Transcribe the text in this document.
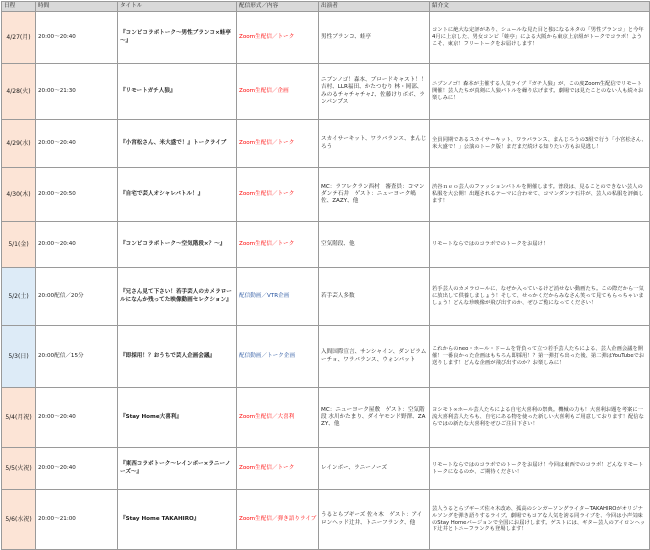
日程	時間	タイトル	配信形式／内容	出演者	紹介文
4/27(月)	20:00～20:40	『コンビコラボトーク～男性ブランコ×蛙亭～』	Zoom生配信／トーク	男性ブランコ、蛙亭	コントに絶大な定評があり、シュールな見た目と独になるネタの「男性ブランコ」と今年4月に上京した、男女コンビ「蛙亭」による大阪から東京上京組がトークでコラボ！ようこそ、東京！フリートークをお届けします！
4/28(火)	20:00～21:30	『リモートガチ人狼』	Zoom生配信／企画	ニブンノゴ！森本、ブロードキャスト！！吉村、LLR福田、かたつむり 林・岡部、みのるチャチャチャ♪、佐藤けりボボ、ランパンプス	ニブンノゴ！森本が主催する人気ライブ『ガチ人狼』が、この度Zoom生配信でリモート開催！芸人たちが真剣に人狼バトルを繰り広げます。劇場では見たことのない人も続々お楽しみに！
4/29(水)	20:00～20:40	『小宮松さん、米大盛で！』トークライブ	Zoom生配信／トーク	スカイサーキット、ワラバランス、まんじろう	全員同期であるスカイサーキット、ワラバランス、まんじろうの3組で行う「小宮松さん、米大盛で！」公演のトーク版！まだまだ続ける知りたい方もお見逃し！
4/30(木)	20:00～20:50	『自宅で芸人オシャレバトル！』	Zoom生配信／トーク	MC：ラフレクラン西村　審査員：コマンダンテ石井　ゲスト：ニューヨーク嶋佐、ZAZY、他	渋谷ｎｅｏ芸人のファッションバトルを開催します。普段は、見ることのできない芸人の私服を大公開！出題されるテーマに合わせて、コマンダンテ石井が、芸人の私服を評価します！
5/1(金)	20:00～20:40	『コンビコラボトーク～空気階段×？～』	Zoom生配信／トーク	空気階段、他	リモートならではのコラボでのトークをお届け！
5/2(土)	20:00配信／20分	『兄さん見て下さい！若手芸人のカメラロールになんか残ってた映像動画セレクション』	配信動画／VTR企画	若手芸人多数	若手芸人のカメラロールに、なぜか入っているけど消せない動画たち。この際だから一気に放出して供養しましょう！そして、せっかくだからみなさん笑って見てもらっちゃいましょう！どんな珍映像が飛び出すのか、ぜひご覧になってください！
5/3(日)	20:00配信／15分	『即採用！？おうちで芸人企画会議』	配信動画／トーク企画	入間国際宣言、サンシャイン、ダンビラムーチョ、ワラバランス、ウォンバット	これからのneo・ホール・ドームを背負って立つ若手芸人たちによる、芸人企画会議を開催！一番良かった企画はもちろん即採用！？第一弾打ち出った後、第二弾はYouTubeでお送りします！どんな企画が飛び出すのか？お楽しみに！
5/4(月祝)	20:00～20:40	『Stay Home大喜利』	Zoom生配信／大喜利	MC：ニューヨーク屋敷　ゲスト：空気階段 水川かたまり、ダイヤモンド野澤、ZAZY、他	ヨシモト∞ホール芸人たちによる自宅大喜利の祭典。機械の力も！大喜利お題を考案に一流大喜利芸人たちも、自宅にある物を使った新しい大喜利もご用意しております！配信ならではの新たな大喜利をぜひご注目下さい！
5/5(火祝)	20:00～20:40	『東西コラボトーク～レインボー×ラニーノーズ～』	Zoom生配信／トーク	レインボー、ラニーノーズ	リモートならではのコラボでのトークをお届け！今回は東西でのコラボ！どんなリモートトークになるのか、ご期待ください！
5/6(水祝)	20:00～21:00	『Stay Home TAKAHIRO』	Zoom生配信／弾き語りライブ	うるとらブギーズ 佐々木　ゲスト：アイロンヘッド辻井、トニーフランク、他	芸人うるとらブギーズ佐々木改め、孤高のシンガーソングライターTAKAHIROがオリジナルソングを弾き語りするライブ。劇場でもコアな人気を誇る同ライブを、今回は小声気味のStay Homeバージョンで全国にお届けします。ゲストには、ギター芸人のアイロンヘッド辻井とトニーフランクも登場します！
